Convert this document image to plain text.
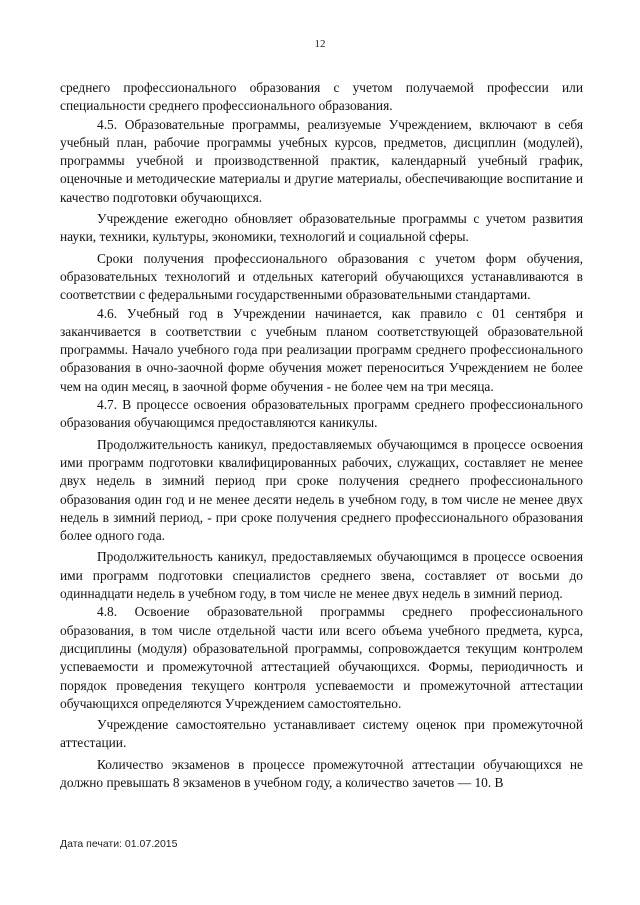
12

среднего профессионального образования с учетом получаемой профессии или специальности среднего профессионального образования.

4.5. Образовательные программы, реализуемые Учреждением, включают в себя учебный план, рабочие программы учебных курсов, предметов, дисциплин (модулей), программы учебной и производственной практик, календарный учебный график, оценочные и методические материалы и другие материалы, обеспечивающие воспитание и качество подготовки обучающихся.

Учреждение ежегодно обновляет образовательные программы с учетом развития науки, техники, культуры, экономики, технологий и социальной сферы.

Сроки получения профессионального образования с учетом форм обучения, образовательных технологий и отдельных категорий обучающихся устанавливаются в соответствии с федеральными государственными образовательными стандартами.

4.6. Учебный год в Учреждении начинается, как правило с 01 сентября и заканчивается в соответствии с учебным планом соответствующей образовательной программы. Начало учебного года при реализации программ среднего профессионального образования в очно-заочной форме обучения может переноситься Учреждением не более чем на один месяц, в заочной форме обучения - не более чем на три месяца.

4.7. В процессе освоения образовательных программ среднего профессионального образования обучающимся предоставляются каникулы.

Продолжительность каникул, предоставляемых обучающимся в процессе освоения ими программ подготовки квалифицированных рабочих, служащих, составляет не менее двух недель в зимний период при сроке получения среднего профессионального образования один год и не менее десяти недель в учебном году, в том числе не менее двух недель в зимний период, - при сроке получения среднего профессионального образования более одного года.

Продолжительность каникул, предоставляемых обучающимся в процессе освоения ими программ подготовки специалистов среднего звена, составляет от восьми до одиннадцати недель в учебном году, в том числе не менее двух недель в зимний период.

4.8. Освоение образовательной программы среднего профессионального образования, в том числе отдельной части или всего объема учебного предмета, курса, дисциплины (модуля) образовательной программы, сопровождается текущим контролем успеваемости и промежуточной аттестацией обучающихся. Формы, периодичность и порядок проведения текущего контроля успеваемости и промежуточной аттестации обучающихся определяются Учреждением самостоятельно.

Учреждение самостоятельно устанавливает систему оценок при промежуточной аттестации.

Количество экзаменов в процессе промежуточной аттестации обучающихся не должно превышать 8 экзаменов в учебном году, а количество зачетов — 10. В

Дата печати: 01.07.2015
